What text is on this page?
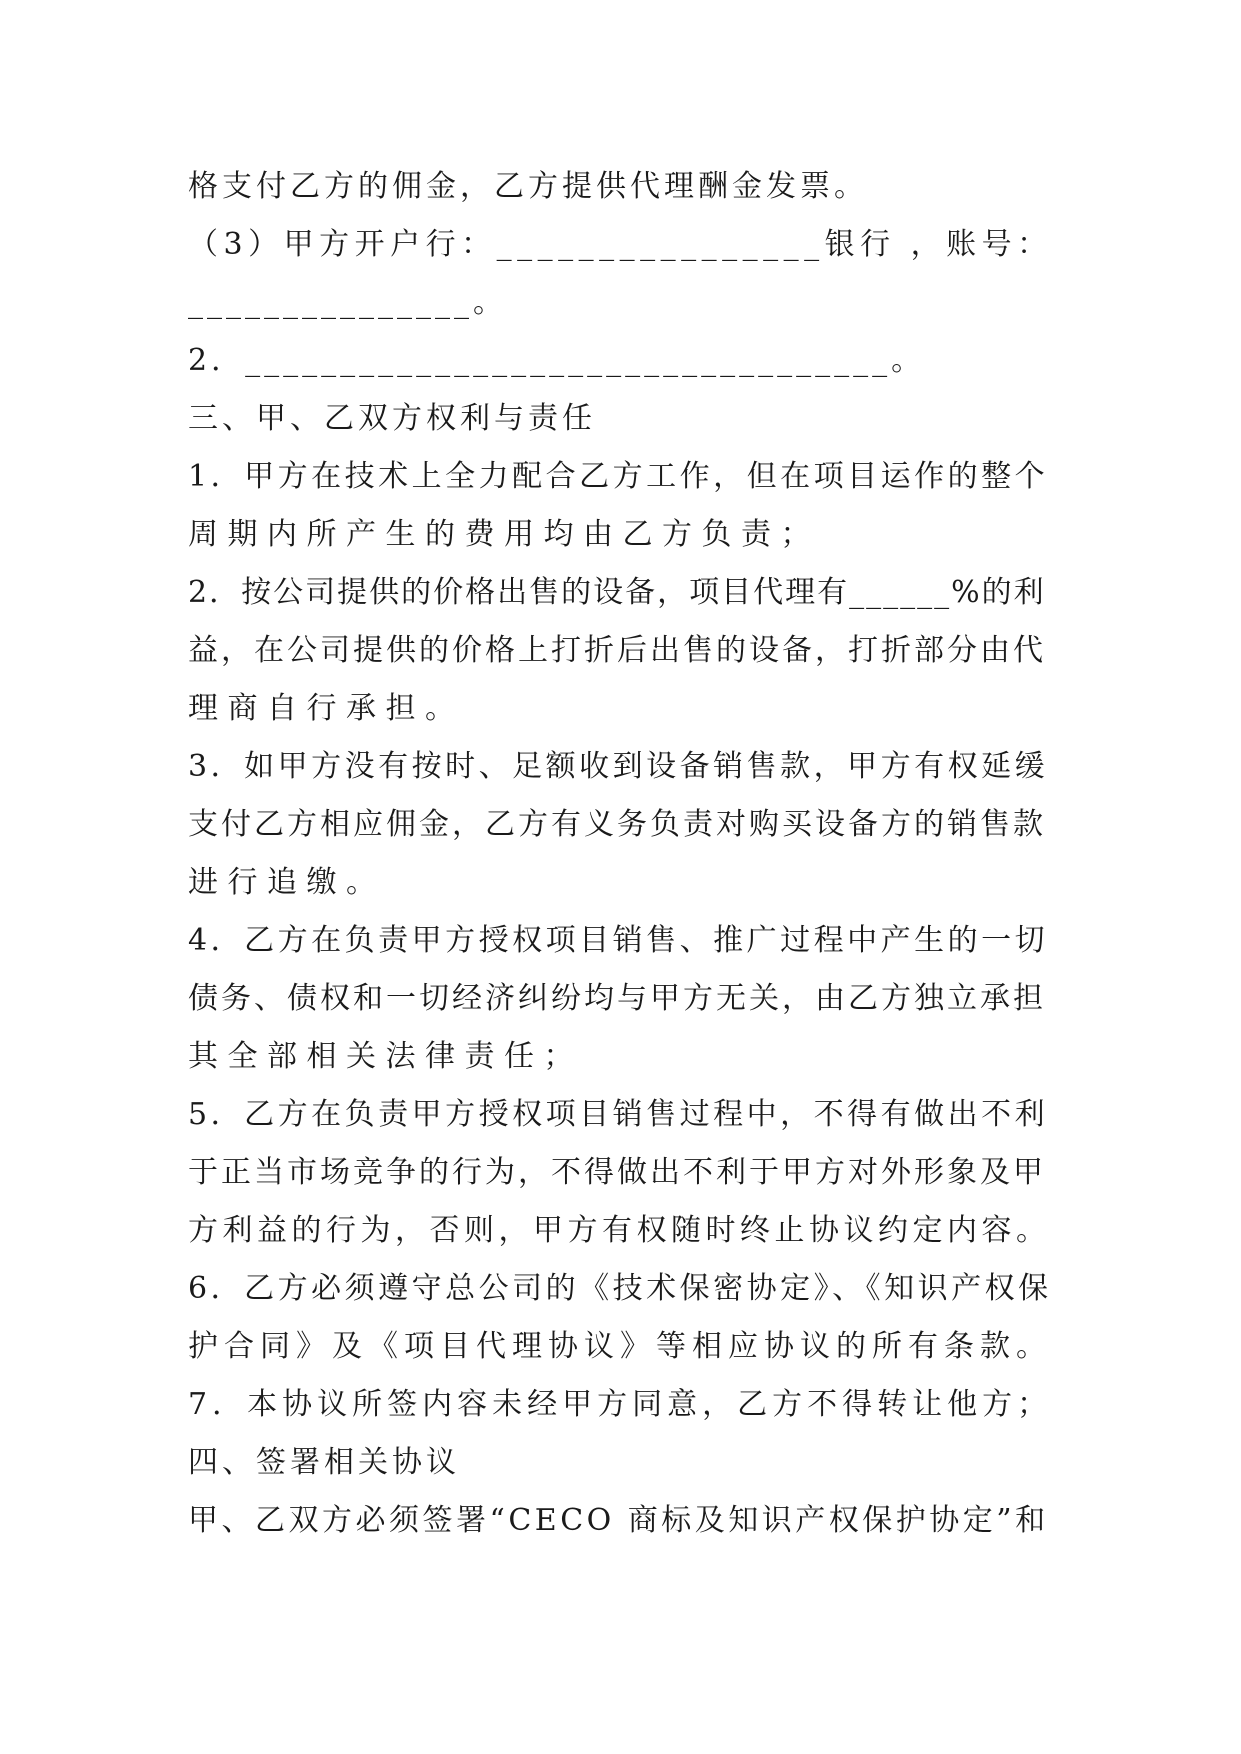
格支付乙方的佣金，乙方提供代理酬金发票。
（3）甲方开户行：________________银行 ，账号：
_______________。
2．__________________________________。
三、甲、乙双方权利与责任
1．甲方在技术上全力配合乙方工作，但在项目运作的整个
周期内所产生的费用均由乙方负责；
2．按公司提供的价格出售的设备，项目代理有______%的利
益，在公司提供的价格上打折后出售的设备，打折部分由代
理商自行承担。
3．如甲方没有按时、足额收到设备销售款，甲方有权延缓
支付乙方相应佣金，乙方有义务负责对购买设备方的销售款
进行追缴。
4．乙方在负责甲方授权项目销售、推广过程中产生的一切
债务、债权和一切经济纠纷均与甲方无关，由乙方独立承担
其全部相关法律责任；
5．乙方在负责甲方授权项目销售过程中，不得有做出不利
于正当市场竞争的行为，不得做出不利于甲方对外形象及甲
方利益的行为，否则，甲方有权随时终止协议约定内容。
6．乙方必须遵守总公司的《技术保密协定》、《知识产权保
护合同》及《项目代理协议》等相应协议的所有条款。
7．本协议所签内容未经甲方同意，乙方不得转让他方；
四、签署相关协议
甲、乙双方必须签署“CECO 商标及知识产权保护协定”和
